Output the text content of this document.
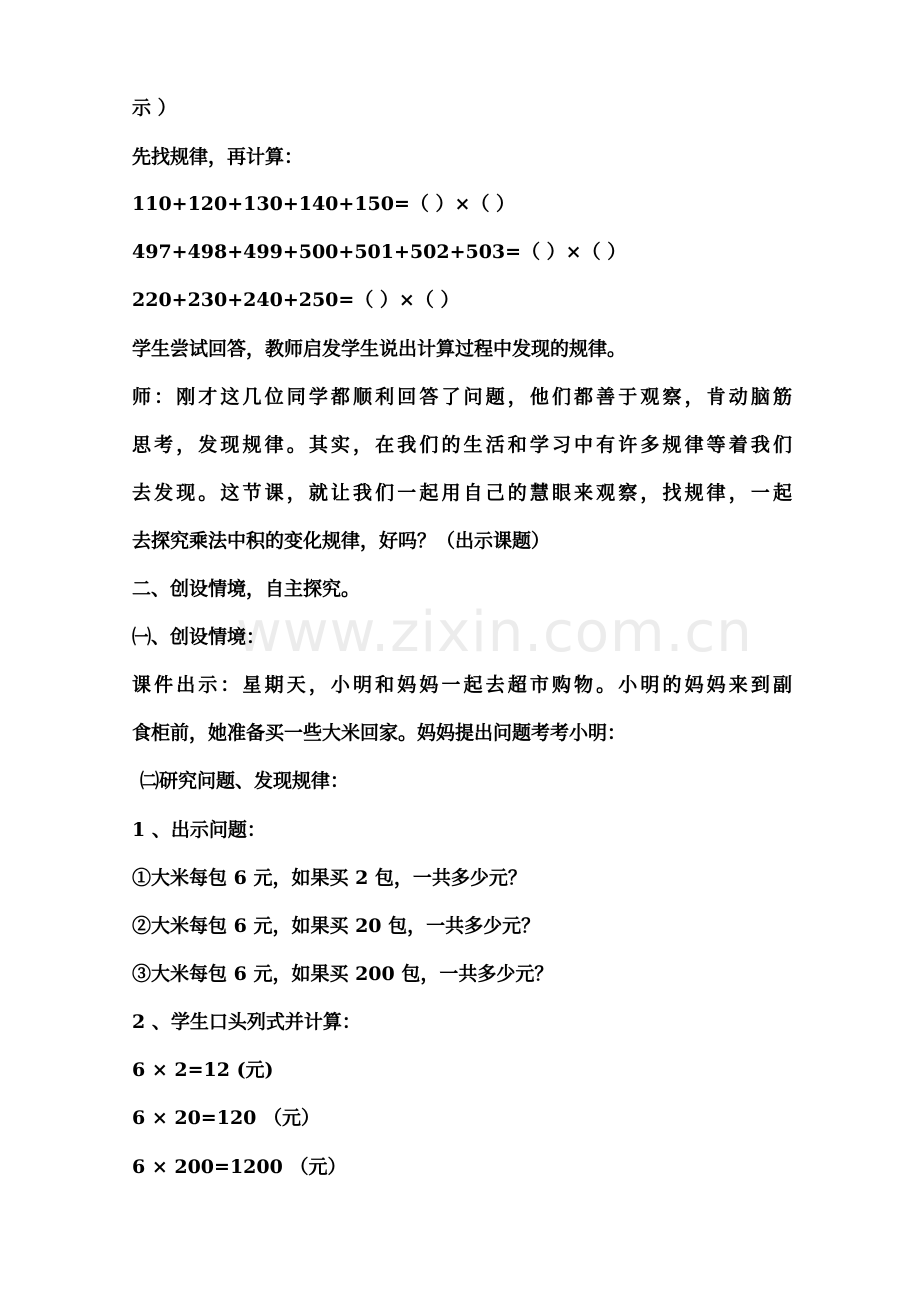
www.zixin.com.cn
示 ）
先找规律，再计算：
110+120+130+140+150=（ ）×（ ）
497+498+499+500+501+502+503=（ ）×（ ）
220+230+240+250=（ ）×（ ）
学生尝试回答，教师启发学生说出计算过程中发现的规律。
师：刚才这几位同学都顺利回答了问题，他们都善于观察，肯动脑筋
思考，发现规律。其实，在我们的生活和学习中有许多规律等着我们
去发现。这节课，就让我们一起用自己的慧眼来观察，找规律，一起
去探究乘法中积的变化规律，好吗？（出示课题）
二、创设情境，自主探究。
㈠、创设情境：
课件出示：星期天，小明和妈妈一起去超市购物。小明的妈妈来到副
食柜前，她准备买一些大米回家。妈妈提出问题考考小明：
㈡研究问题、发现规律：
1 、出示问题：
①大米每包 6 元，如果买 2 包，一共多少元？
②大米每包 6 元，如果买 20 包，一共多少元？
③大米每包 6 元，如果买 200 包，一共多少元？
2 、学生口头列式并计算：
6 × 2=12 (元)
6 × 20=120 （元）
6 × 200=1200 （元）
